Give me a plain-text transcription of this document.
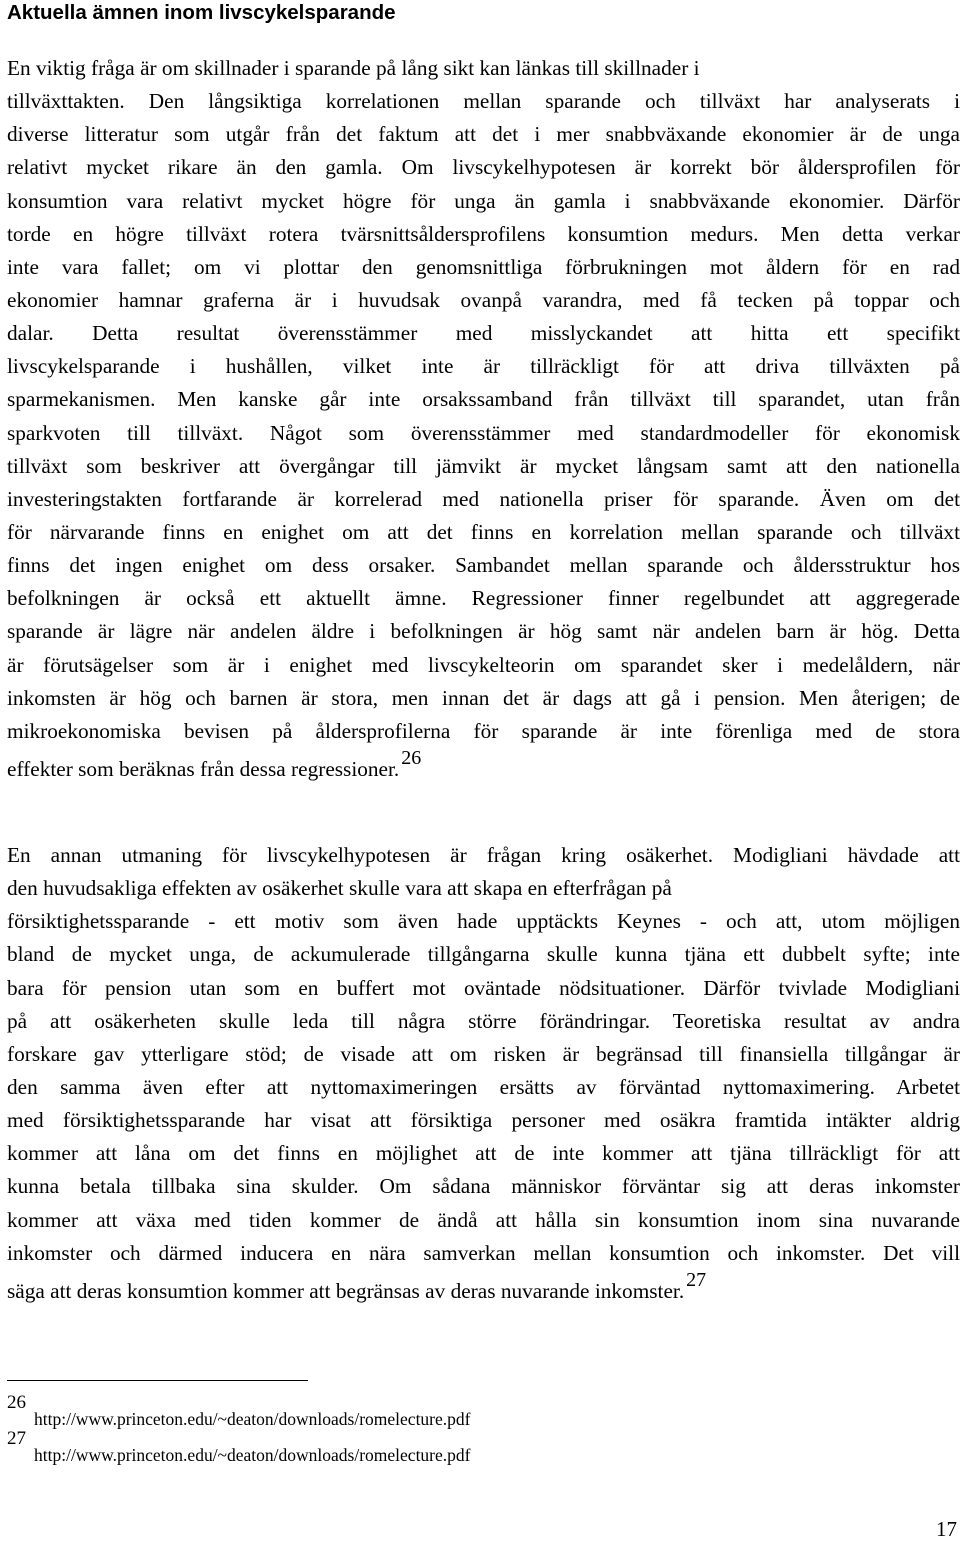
Aktuella ämnen inom livscykelsparande
En viktig fråga är om skillnader i sparande på lång sikt kan länkas till skillnader i
tillväxttakten. Den långsiktiga korrelationen mellan sparande och tillväxt har analyserats i
diverse litteratur som utgår från det faktum att det i mer snabbväxande ekonomier är de unga
relativt mycket rikare än den gamla. Om livscykelhypotesen är korrekt bör åldersprofilen för
konsumtion vara relativt mycket högre för unga än gamla i snabbväxande ekonomier. Därför
torde en högre tillväxt rotera tvärsnittsåldersprofilens konsumtion medurs. Men detta verkar
inte vara fallet; om vi plottar den genomsnittliga förbrukningen mot åldern för en rad
ekonomier hamnar graferna är i huvudsak ovanpå varandra, med få tecken på toppar och
dalar. Detta resultat överensstämmer med misslyckandet att hitta ett specifikt
livscykelsparande i hushållen, vilket inte är tillräckligt för att driva tillväxten på
sparmekanismen. Men kanske går inte orsakssamband från tillväxt till sparandet, utan från
sparkvoten till tillväxt. Något som överensstämmer med standardmodeller för ekonomisk
tillväxt som beskriver att övergångar till jämvikt är mycket långsam samt att den nationella
investeringstakten fortfarande är korrelerad med nationella priser för sparande. Även om det
för närvarande finns en enighet om att det finns en korrelation mellan sparande och tillväxt
finns det ingen enighet om dess orsaker. Sambandet mellan sparande och åldersstruktur hos
befolkningen är också ett aktuellt ämne. Regressioner finner regelbundet att aggregerade
sparande är lägre när andelen äldre i befolkningen är hög samt när andelen barn är hög. Detta
är förutsägelser som är i enighet med livscykelteorin om sparandet sker i medelåldern, när
inkomsten är hög och barnen är stora, men innan det är dags att gå i pension. Men återigen; de
mikroekonomiska bevisen på åldersprofilerna för sparande är inte förenliga med de stora
effekter som beräknas från dessa regressioner. 26
En annan utmaning för livscykelhypotesen är frågan kring osäkerhet. Modigliani hävdade att
den huvudsakliga effekten av osäkerhet skulle vara att skapa en efterfrågan på
försiktighetssparande - ett motiv som även hade upptäckts Keynes - och att, utom möjligen
bland de mycket unga, de ackumulerade tillgångarna skulle kunna tjäna ett dubbelt syfte; inte
bara för pension utan som en buffert mot oväntade nödsituationer. Därför tvivlade Modigliani
på att osäkerheten skulle leda till några större förändringar. Teoretiska resultat av andra
forskare gav ytterligare stöd; de visade att om risken är begränsad till finansiella tillgångar är
den samma även efter att nyttomaximeringen ersätts av förväntad nyttomaximering. Arbetet
med försiktighetssparande har visat att försiktiga personer med osäkra framtida intäkter aldrig
kommer att låna om det finns en möjlighet att de inte kommer att tjäna tillräckligt för att
kunna betala tillbaka sina skulder. Om sådana människor förväntar sig att deras inkomster
kommer att växa med tiden kommer de ändå att hålla sin konsumtion inom sina nuvarande
inkomster och därmed inducera en nära samverkan mellan konsumtion och inkomster. Det vill
säga att deras konsumtion kommer att begränsas av deras nuvarande inkomster. 27
26
http://www.princeton.edu/~deaton/downloads/romelecture.pdf
27
http://www.princeton.edu/~deaton/downloads/romelecture.pdf
17
